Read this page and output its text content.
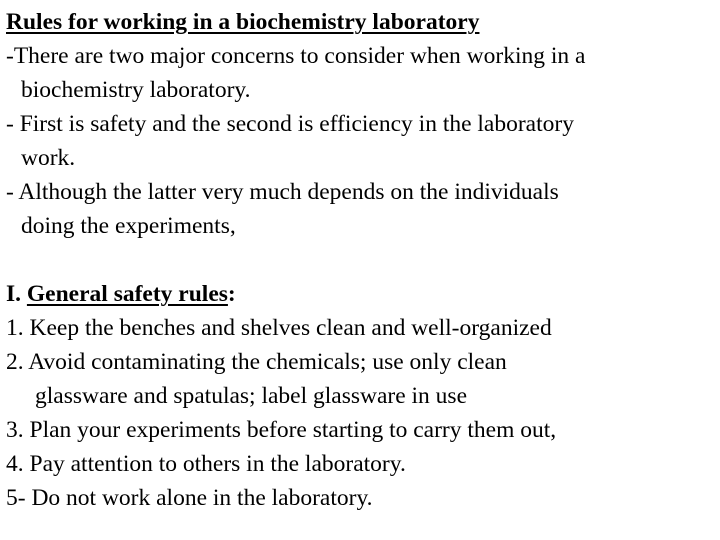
Rules for working in a biochemistry laboratory
-There are two major concerns to consider when working in a
biochemistry laboratory.
- First is safety and the second is efficiency in the laboratory
work.
- Although the latter very much depends on the individuals
doing the experiments,
I. General safety rules:
1. Keep the benches and shelves clean and well-organized
2. Avoid contaminating the chemicals; use only clean
glassware and spatulas; label glassware in use
3. Plan your experiments before starting to carry them out,
4. Pay attention to others in the laboratory.
5- Do not work alone in the laboratory.
